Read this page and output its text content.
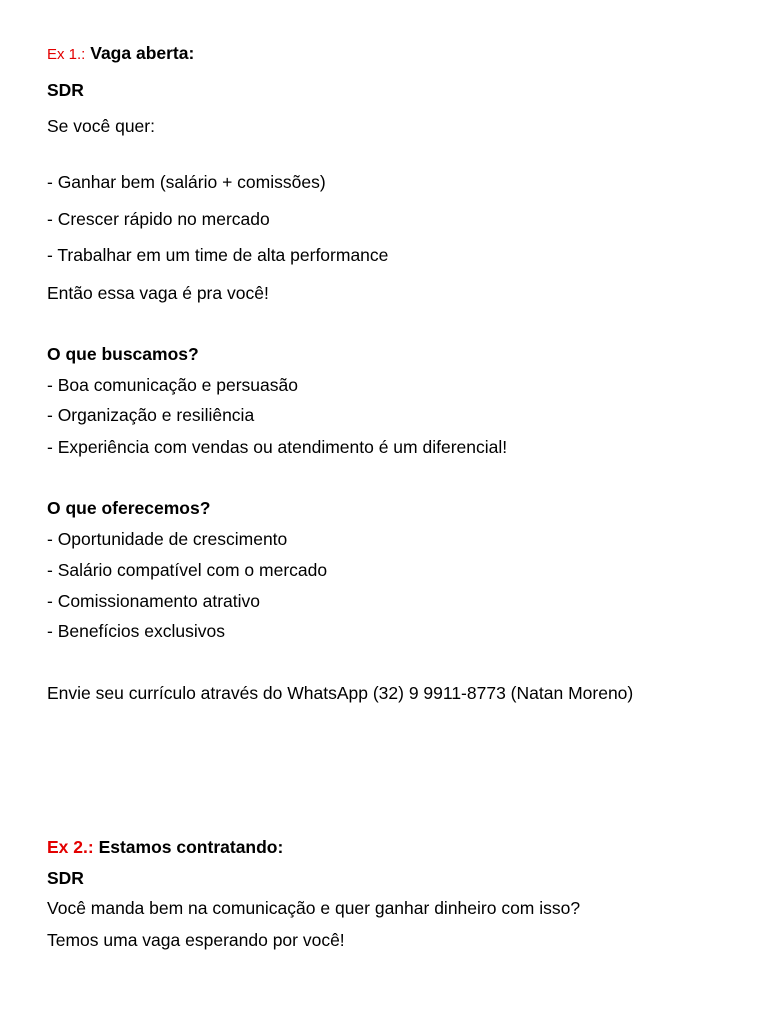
Ex 1.: Vaga aberta:
SDR
Se você quer:
- Ganhar bem (salário + comissões)
- Crescer rápido no mercado
- Trabalhar em um time de alta performance
Então essa vaga é pra você!
O que buscamos?
- Boa comunicação e persuasão
- Organização e resiliência
- Experiência com vendas ou atendimento é um diferencial!
O que oferecemos?
- Oportunidade de crescimento
- Salário compatível com o mercado
- Comissionamento atrativo
- Benefícios exclusivos
Envie seu currículo através do WhatsApp (32) 9 9911-8773 (Natan Moreno)
Ex 2.: Estamos contratando:
SDR
Você manda bem na comunicação e quer ganhar dinheiro com isso?
Temos uma vaga esperando por você!
